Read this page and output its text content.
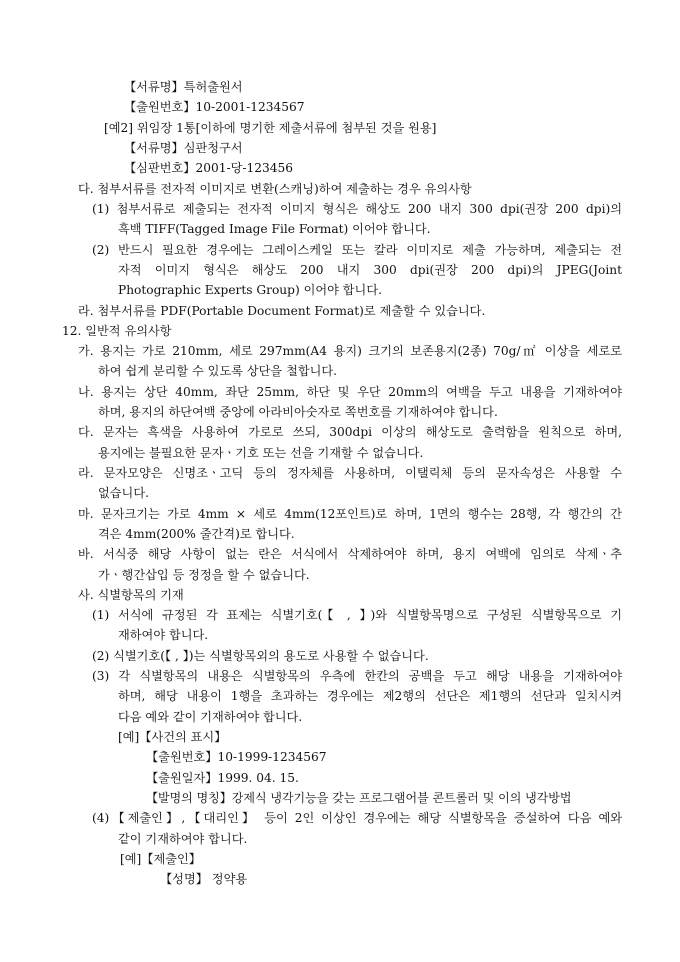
【서류명】특허출원서
【출원번호】10-2001-1234567
[예2] 위임장 1통[이하에 명기한 제출서류에 첨부된 것을 원용]
【서류명】심판청구서
【심판번호】2001-당-123456
다. 첨부서류를 전자적 이미지로 변환(스캐닝)하여 제출하는 경우 유의사항
(1) 첨부서류로 제출되는 전자적 이미지 형식은 해상도 200 내지 300 dpi(권장 200 dpi)의
흑백 TIFF(Tagged Image File Format) 이어야 합니다.
(2) 반드시 필요한 경우에는 그레이스케일 또는 칼라 이미지로 제출 가능하며, 제출되는 전
자적 이미지 형식은 해상도 200 내지 300 dpi(권장 200 dpi)의 JPEG(Joint
Photographic Experts Group) 이어야 합니다.
라. 첨부서류를 PDF(Portable Document Format)로 제출할 수 있습니다.
12. 일반적 유의사항
가. 용지는 가로 210mm, 세로 297mm(A4 용지) 크기의 보존용지(2종) 70g/㎡ 이상을 세로로
하여 쉽게 분리할 수 있도록 상단을 철합니다.
나. 용지는 상단 40mm, 좌단 25mm, 하단 및 우단 20mm의 여백을 두고 내용을 기재하여야
하며, 용지의 하단여백 중앙에 아라비아숫자로 쪽번호를 기재하여야 합니다.
다. 문자는 흑색을 사용하여 가로로 쓰되, 300dpi 이상의 해상도로 출력함을 원칙으로 하며,
용지에는 불필요한 문자ㆍ기호 또는 선을 기재할 수 없습니다.
라. 문자모양은 신명조ㆍ고딕 등의 정자체를 사용하며, 이탤릭체 등의 문자속성은 사용할 수
없습니다.
마. 문자크기는 가로 4mm × 세로 4mm(12포인트)로 하며, 1면의 행수는 28행, 각 행간의 간
격은 4mm(200% 줄간격)로 합니다.
바. 서식중 해당 사항이 없는 란은 서식에서 삭제하여야 하며, 용지 여백에 임의로 삭제ㆍ추
가ㆍ행간삽입 등 정정을 할 수 없습니다.
사. 식별항목의 기재
(1) 서식에 규정된 각 표제는 식별기호(【 , 】)와 식별항목명으로 구성된 식별항목으로 기
재하여야 합니다.
(2) 식별기호(【 , 】)는 식별항목외의 용도로 사용할 수 없습니다.
(3) 각 식별항목의 내용은 식별항목의 우측에 한칸의 공백을 두고 해당 내용을 기재하여야
하며, 해당 내용이 1행을 초과하는 경우에는 제2행의 선단은 제1행의 선단과 일치시켜
다음 예와 같이 기재하여야 합니다.
[예]【사건의 표시】
【출원번호】10-1999-1234567
【출원일자】1999. 04. 15.
【발명의 명칭】강제식 냉각기능을 갖는 프로그램어블 콘트롤러 및 이의 냉각방법
(4)【제출인】,【대리인】 등이 2인 이상인 경우에는 해당 식별항목을 증설하여 다음 예와
같이 기재하여야 합니다.
[예]【제출인】
【성명】 정약용
